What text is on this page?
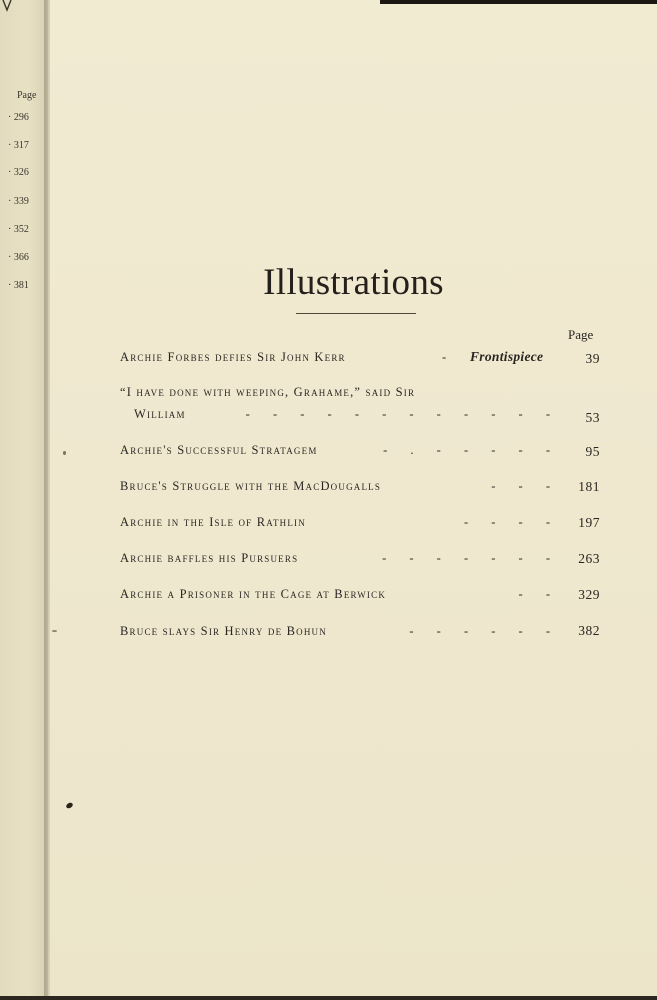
Page
· 296
· 317
· 326
· 339
· 352
· 366
· 381	Illustrations
Page
Archie Forbes defies Sir John Kerr	- Frontispiece	39
“I have done with weeping, Grahame,” said Sir
William	- - - - - - - - - - - -	53
Archie's Successful Stratagem	- . - - - - -	95
Bruce's Struggle with the MacDougalls	- - -	181
Archie in the Isle of Rathlin	- - - -	197
Archie baffles his Pursuers	- - - - - - -	263
Archie a Prisoner in the Cage at Berwick	- -	329
Bruce slays Sir Henry de Bohun	- - - - - -	382
